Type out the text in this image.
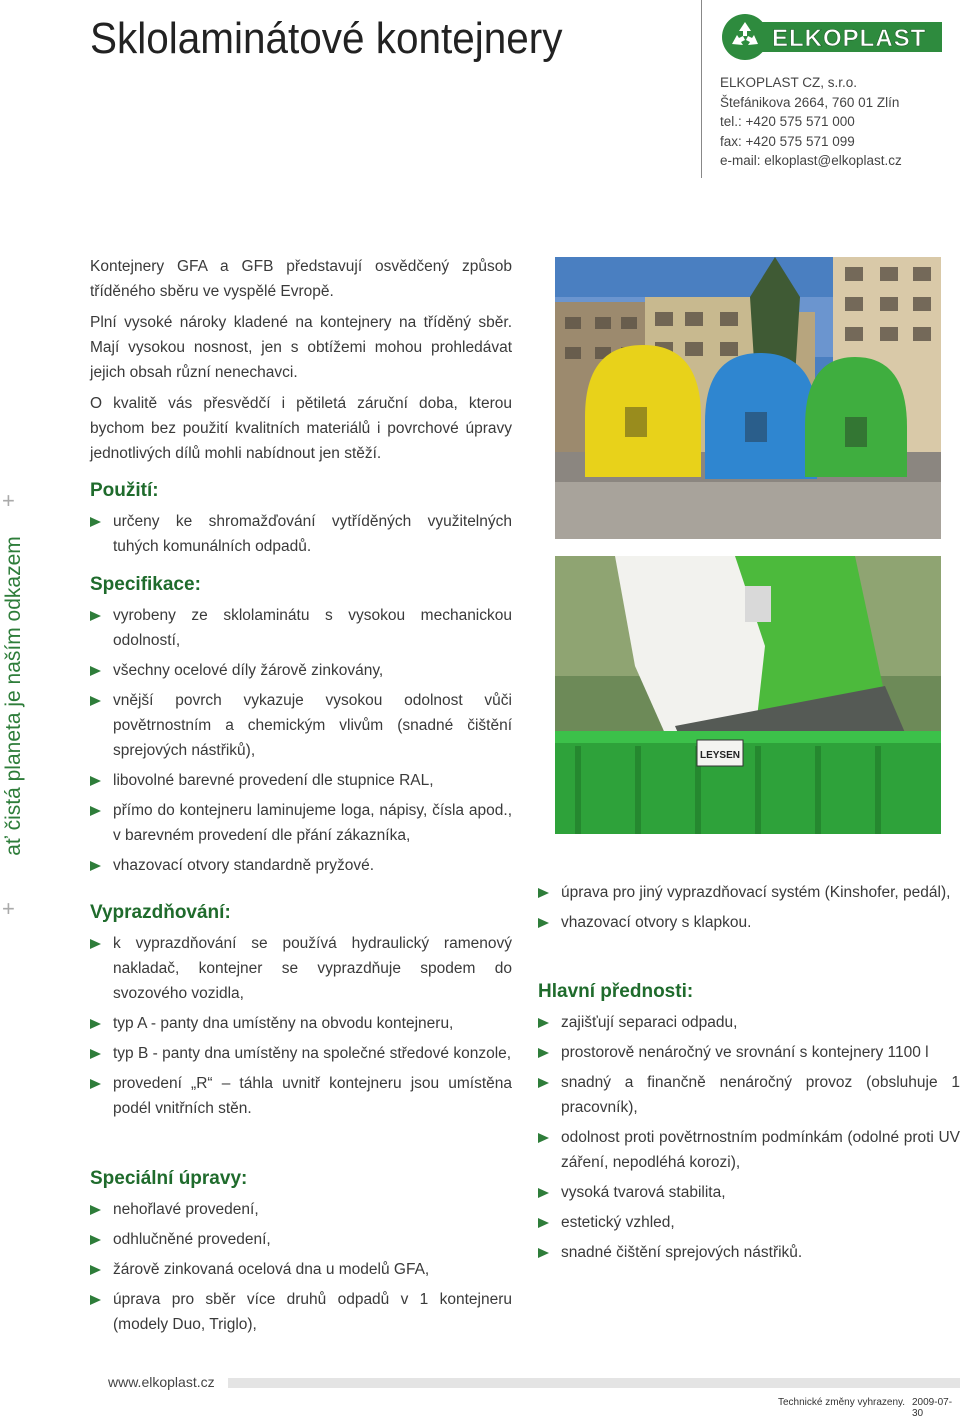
Sklolaminátové kontejnery	ELKOPLAST
ELKOPLAST CZ, s.r.o.
Štefánikova 2664, 760 01 Zlín
tel.: +420 575 571 000
fax: +420 575 571 099
e-mail: elkoplast@elkoplast.cz

Kontejnery GFA a GFB představují osvědčený způsob tříděného sběru ve vyspělé Evropě.

Plní vysoké nároky kladené na kontejnery na tříděný sběr. Mají vysokou nosnost, jen s obtížemi mohou prohledávat jejich obsah různí nenechavci.

O kvalitě vás přesvědčí i pětiletá záruční doba, kterou bychom bez použití kvalitních materiálů i povrchové úpravy jednotlivých dílů mohli nabídnout jen stěží.

+
ať čistá planeta je naším odkazem
+
Použití:
určeny ke shromažďování vytříděných využitelných tuhých komunálních odpadů.
Specifikace:
vyrobeny ze sklolaminátu s vysokou mechanickou odolností,
všechny ocelové díly žárově zinkovány,
vnější povrch vykazuje vysokou odolnost vůči povětrnostním a chemickým vlivům (snadné čištění sprejových nástřiků),
libovolné barevné provedení dle stupnice RAL,
přímo do kontejneru laminujeme loga, nápisy, čísla apod., v barevném provedení dle přání zákazníka,
vhazovací otvory standardně pryžové.
Vyprazdňování:
k vyprazdňování se používá hydraulický ramenový nakladač, kontejner se vyprazdňuje spodem do svozového vozidla,
typ A - panty dna umístěny na obvodu kontejneru,
typ B - panty dna umístěny na společné středové konzole,
provedení „R“ – táhla uvnitř kontejneru jsou umístěna podél vnitřních stěn.
Speciální úpravy:
nehořlavé provedení,
odhlučněné provedení,
žárově zinkovaná ocelová dna u modelů GFA,
úprava pro sběr více druhů odpadů v 1 kontejneru (modely Duo, Triglo),
LEYSEN
úprava pro jiný vyprazdňovací systém (Kinshofer, pedál),
vhazovací otvory s klapkou.
Hlavní přednosti:
zajišťují separaci odpadu,
prostorově nenáročný ve srovnání s kontejnery 1100 l
snadný a finančně nenáročný provoz (obsluhuje 1 pracovník),
odolnost proti povětrnostním podmínkám (odolné proti UV záření, nepodléhá korozi),
vysoká tvarová stabilita,
estetický vzhled,
snadné čištění sprejových nástřiků.
www.elkoplast.cz
Technické změny vyhrazeny. 2009-07-30
